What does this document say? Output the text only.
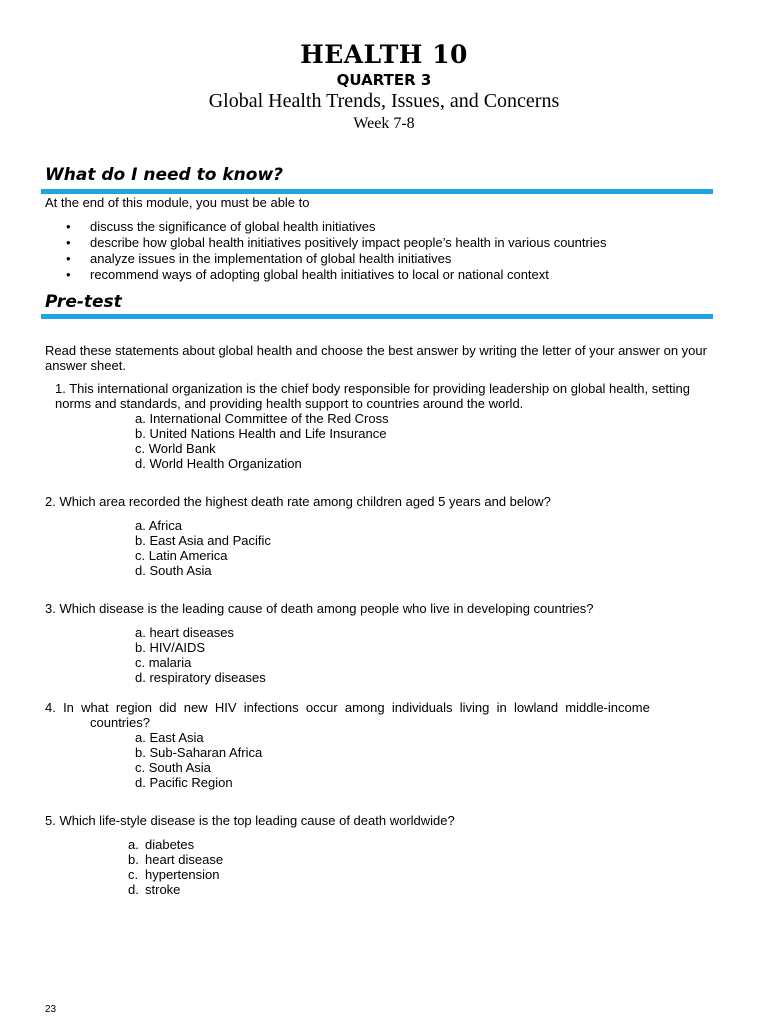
HEALTH 10
QUARTER 3
Global Health Trends, Issues, and Concerns
Week 7-8
What do I need to know?
At the end of this module, you must be able to
• discuss the significance of global health initiatives
• describe how global health initiatives positively impact people’s health in various countries
• analyze issues in the implementation of global health initiatives
• recommend ways of adopting global health initiatives to local or national context
Pre-test
Read these statements about global health and choose the best answer by writing the letter of your answer on your answer sheet.
1. This international organization is the chief body responsible for providing leadership on global health, setting norms and standards, and providing health support to countries around the world.
a. International Committee of the Red Cross
b. United Nations Health and Life Insurance
c. World Bank
d. World Health Organization
2. Which area recorded the highest death rate among children aged 5 years and below?
a. Africa
b. East Asia and Pacific
c. Latin America
d. South Asia
3. Which disease is the leading cause of death among people who live in developing countries?
a. heart diseases
b. HIV/AIDS
c. malaria
d. respiratory diseases
4.  In  what  region  did  new  HIV  infections  occur  among  individuals  living  in  lowland  middle-income
countries?
a. East Asia
b. Sub-Saharan Africa
c. South Asia
d. Pacific Region
5. Which life-style disease is the top leading cause of death worldwide?
a. diabetes
b. heart disease
c. hypertension
d. stroke
23
